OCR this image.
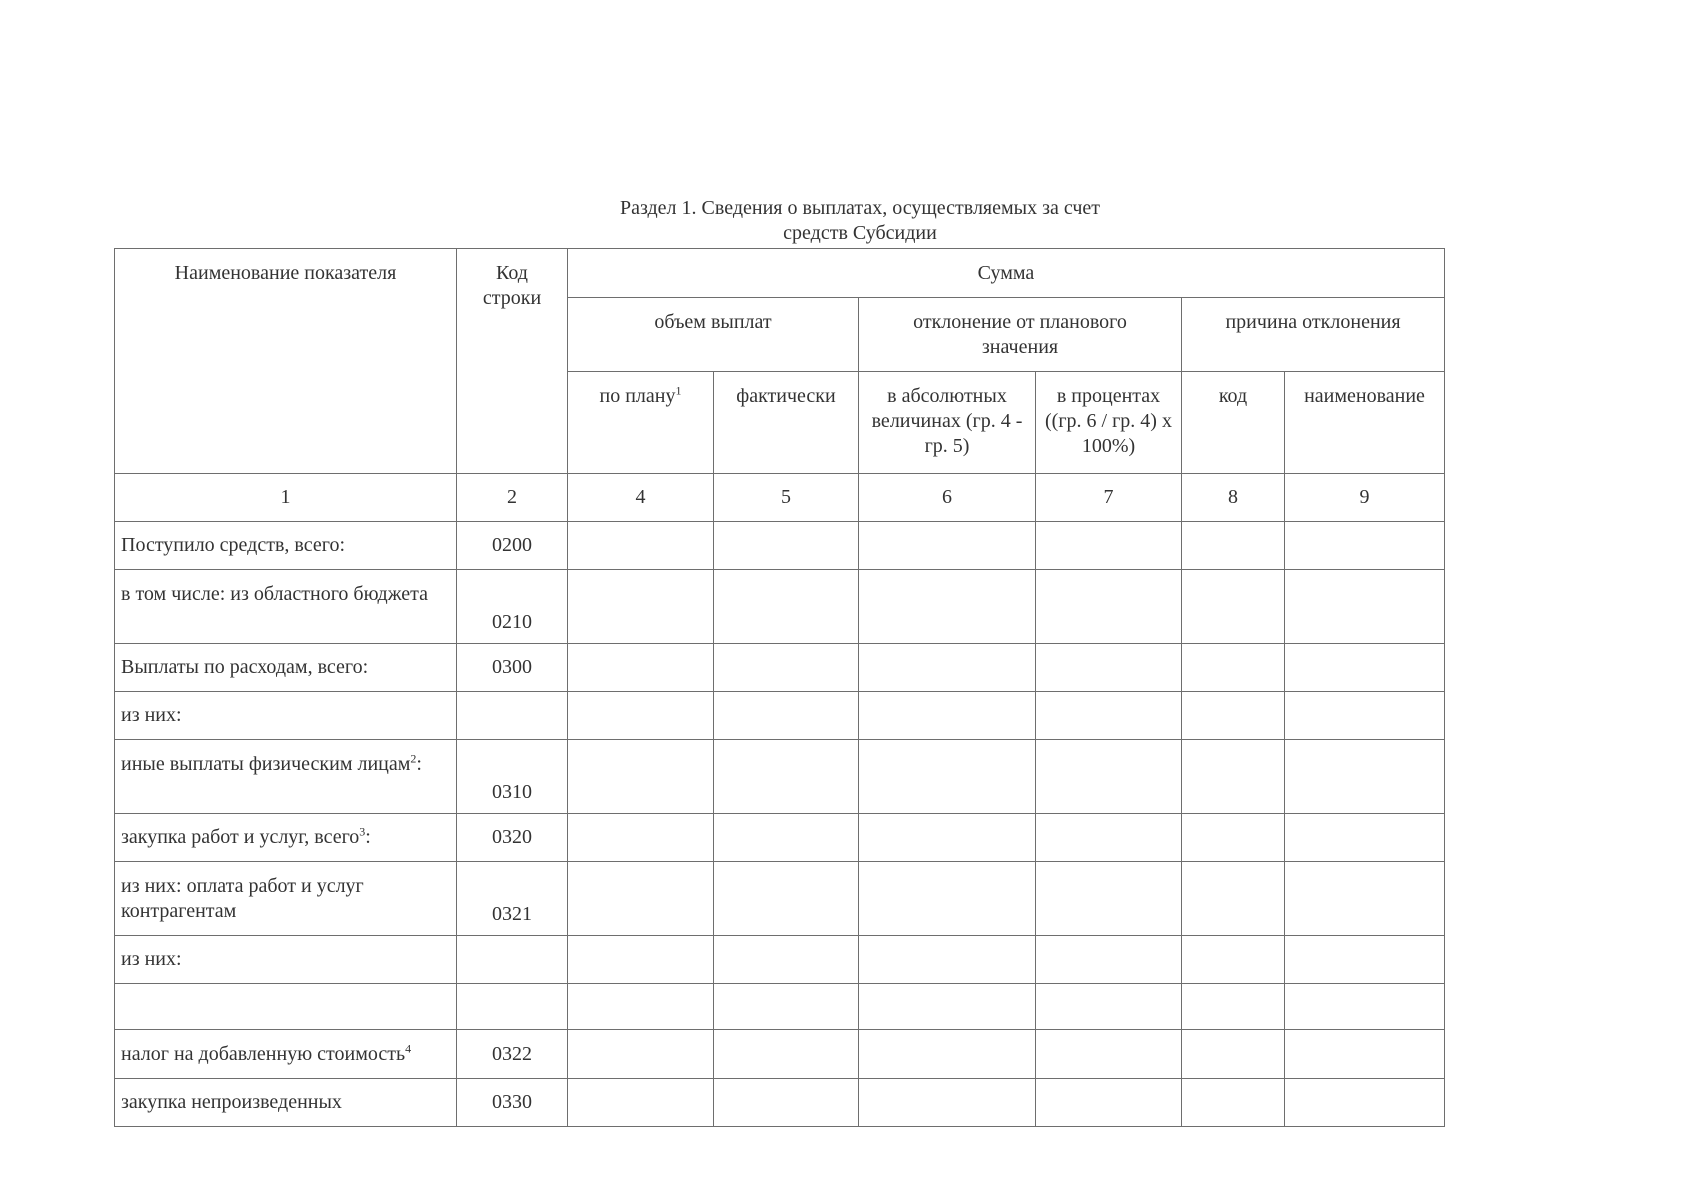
Раздел 1. Сведения о выплатах, осуществляемых за счет
средств Субсидии
Наименование показателя	Код строки	Сумма					
		объем выплат		отклонение от планового значения		причина отклонения	
		по плану$^1$	фактически	в абсолютных величинах (гр. 4 - гр. 5)	в процентах ((гр. 6 / гр. 4) x 100%)	код	наименование
1	2	4	5	6	7	8	9
Поступило средств, всего:	0200						
в том числе: из областного бюджета	0210						
Выплаты по расходам, всего:	0300						
из них:							
иные выплаты физическим лицам$^2$:	0310						
закупка работ и услуг, всего$^3$:	0320						
из них: оплата работ и услуг контрагентам	0321						
из них:							

налог на добавленную стоимость$^4$	0322						
закупка непроизведенных	0330						
